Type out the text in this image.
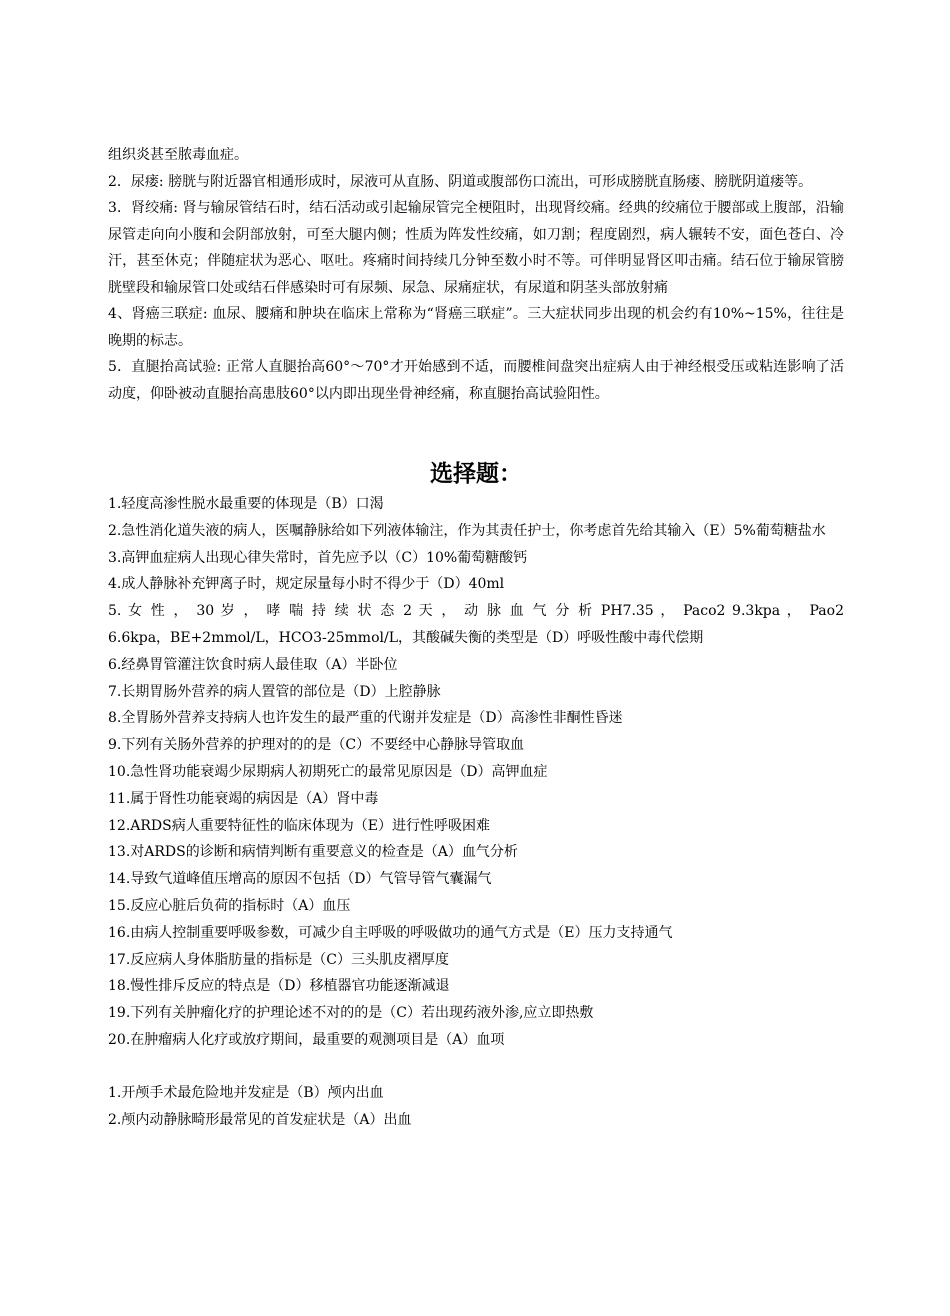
组织炎甚至脓毒血症。

2．尿瘘: 膀胱与附近器官相通形成时，尿液可从直肠、阴道或腹部伤口流出，可形成膀胱直肠瘘、膀胱阴道瘘等。

3．肾绞痛: 肾与输尿管结石时，结石活动或引起输尿管完全梗阻时，出现肾绞痛。经典的绞痛位于腰部或上腹部，沿输尿管走向向小腹和会阴部放射，可至大腿内侧；性质为阵发性绞痛，如刀割；程度剧烈，病人辗转不安，面色苍白、冷汗，甚至休克；伴随症状为恶心、呕吐。疼痛时间持续几分钟至数小时不等。可伴明显肾区叩击痛。结石位于输尿管膀胱壁段和输尿管口处或结石伴感染时可有尿频、尿急、尿痛症状，有尿道和阴茎头部放射痛

4、肾癌三联症: 血尿、腰痛和肿块在临床上常称为“肾癌三联症”。三大症状同步出现的机会约有10%~15%，往往是晚期的标志。

5．直腿抬高试验: 正常人直腿抬高60°～70°才开始感到不适，而腰椎间盘突出症病人由于神经根受压或粘连影响了活动度，仰卧被动直腿抬高患肢60°以内即出现坐骨神经痛，称直腿抬高试验阳性。

选择题：

1.轻度高渗性脱水最重要的体现是（B）口渴

2.急性消化道失液的病人，医嘱静脉给如下列液体输注，作为其责任护士，你考虑首先给其输入（E）5%葡萄糖盐水

3.高钾血症病人出现心律失常时，首先应予以（C）10%葡萄糖酸钙

4.成人静脉补充钾离子时，规定尿量每小时不得少于（D）40ml

5. 女 性 ， 30 岁 ， 哮 喘 持 续 状 态 2 天 ， 动 脉 血 气 分 析 PH7.35 ， Paco2 9.3kpa ， Pao2

6.6kpa，BE+2mmol/L，HCO3-25mmol/L，其酸碱失衡的类型是（D）呼吸性酸中毒代偿期

6.经鼻胃管灌注饮食时病人最佳取（A）半卧位

7.长期胃肠外营养的病人置管的部位是（D）上腔静脉

8.全胃肠外营养支持病人也许发生的最严重的代谢并发症是（D）高渗性非酮性昏迷

9.下列有关肠外营养的护理对的的是（C）不要经中心静脉导管取血

10.急性肾功能衰竭少尿期病人初期死亡的最常见原因是（D）高钾血症

11.属于肾性功能衰竭的病因是（A）肾中毒

12.ARDS病人重要特征性的临床体现为（E）进行性呼吸困难

13.对ARDS的诊断和病情判断有重要意义的检查是（A）血气分析

14.导致气道峰值压增高的原因不包括（D）气管导管气囊漏气

15.反应心脏后负荷的指标时（A）血压

16.由病人控制重要呼吸参数，可减少自主呼吸的呼吸做功的通气方式是（E）压力支持通气

17.反应病人身体脂肪量的指标是（C）三头肌皮褶厚度

18.慢性排斥反应的特点是（D）移植器官功能逐渐减退

19.下列有关肿瘤化疗的护理论述不对的的是（C）若出现药液外渗,应立即热敷

20.在肿瘤病人化疗或放疗期间，最重要的观测项目是（A）血项

1.开颅手术最危险地并发症是（B）颅内出血

2.颅内动静脉畸形最常见的首发症状是（A）出血
